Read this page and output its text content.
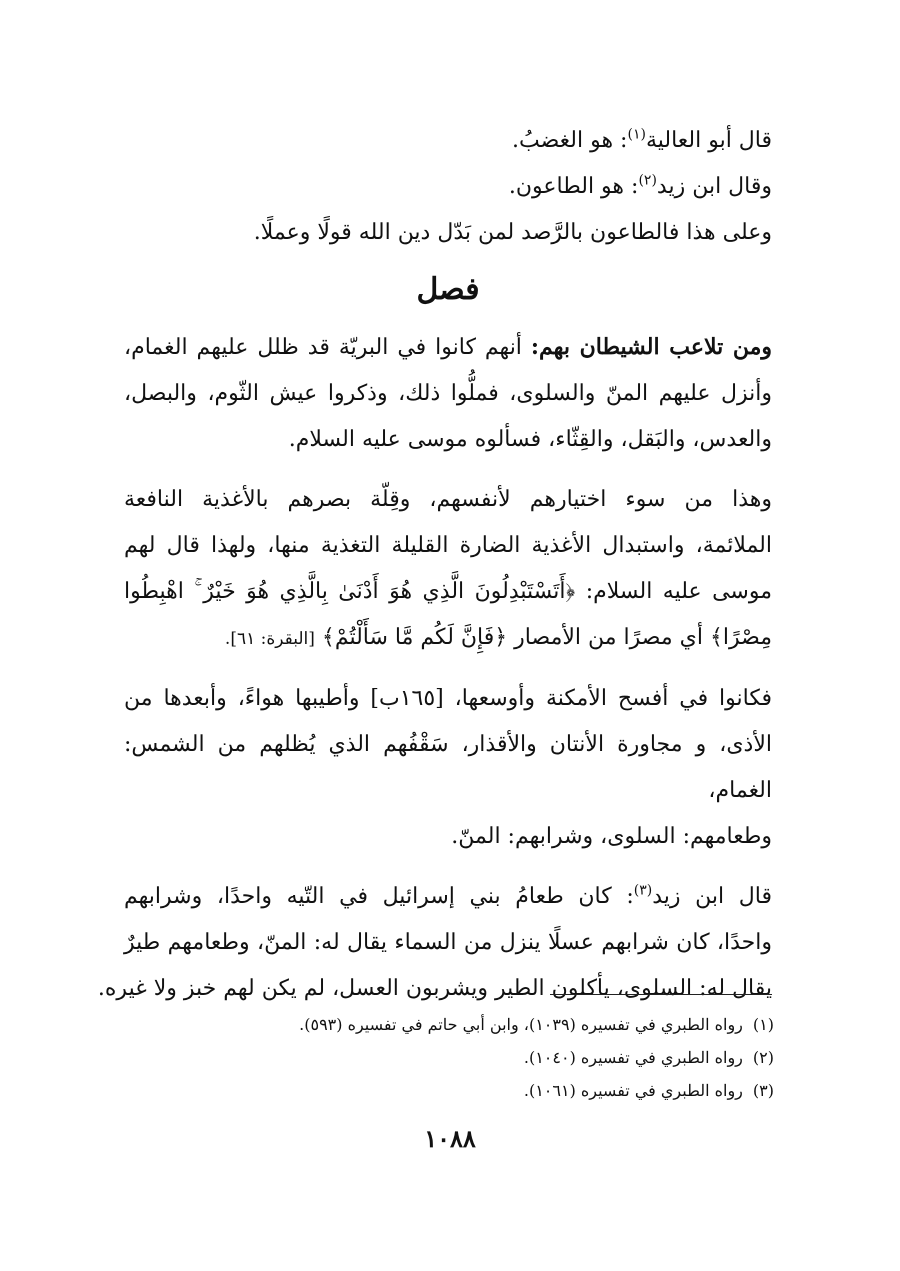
قال أبو العالية$^{(١)}$: هو الغضبُ.
وقال ابن زيد$^{(٢)}$: هو الطاعون.
وعلى هذا فالطاعون بالرَّصد لمن بَدّل دين الله قولًا وعملًا.
فصل
ومن تلاعب الشيطان بهم: أنهم كانوا في البريّة قد ظلل عليهم الغمام،
وأنزل عليهم المنّ والسلوى، فملُّوا ذلك، وذكروا عيش الثّوم، والبصل،
والعدس، والبَقل، والقِثّاء، فسألوه موسى عليه السلام.
وهذا من سوء اختيارهم لأنفسهم، وقِلّة بصرهم بالأغذية النافعة
الملائمة، واستبدال الأغذية الضارة القليلة التغذية منها، ولهذا قال لهم
موسى عليه السلام: ﴿أَتَسْتَبْدِلُونَ الَّذِي هُوَ أَدْنَىٰ بِالَّذِي هُوَ خَيْرٌ ۚ اهْبِطُوا
مِصْرًا﴾ أي مصرًا من الأمصار ﴿فَإِنَّ لَكُم مَّا سَأَلْتُمْ﴾ [البقرة: ٦١].
فكانوا في أفسح الأمكنة وأوسعها، [١٦٥ب] وأطيبها هواءً، وأبعدها من
الأذى، و مجاورة الأنتان والأقذار، سَقْفُهم الذي يُظلهم من الشمس: الغمام،
وطعامهم: السلوى، وشرابهم: المنّ.
قال ابن زيد$^{(٣)}$: كان طعامُ بني إسرائيل في التّيه واحدًا، وشرابهم
واحدًا، كان شرابهم عسلًا ينزل من السماء يقال له: المنّ، وطعامهم طيرٌ
يقال له: السلوى، يأكلون الطير ويشربون العسل، لم يكن لهم خبز ولا غيره.
(١)رواه الطبري في تفسيره (١٠٣٩)، وابن أبي حاتم في تفسيره (٥٩٣).
(٢)رواه الطبري في تفسيره (١٠٤٠).
(٣)رواه الطبري في تفسيره (١٠٦١).
١٠٨٨
